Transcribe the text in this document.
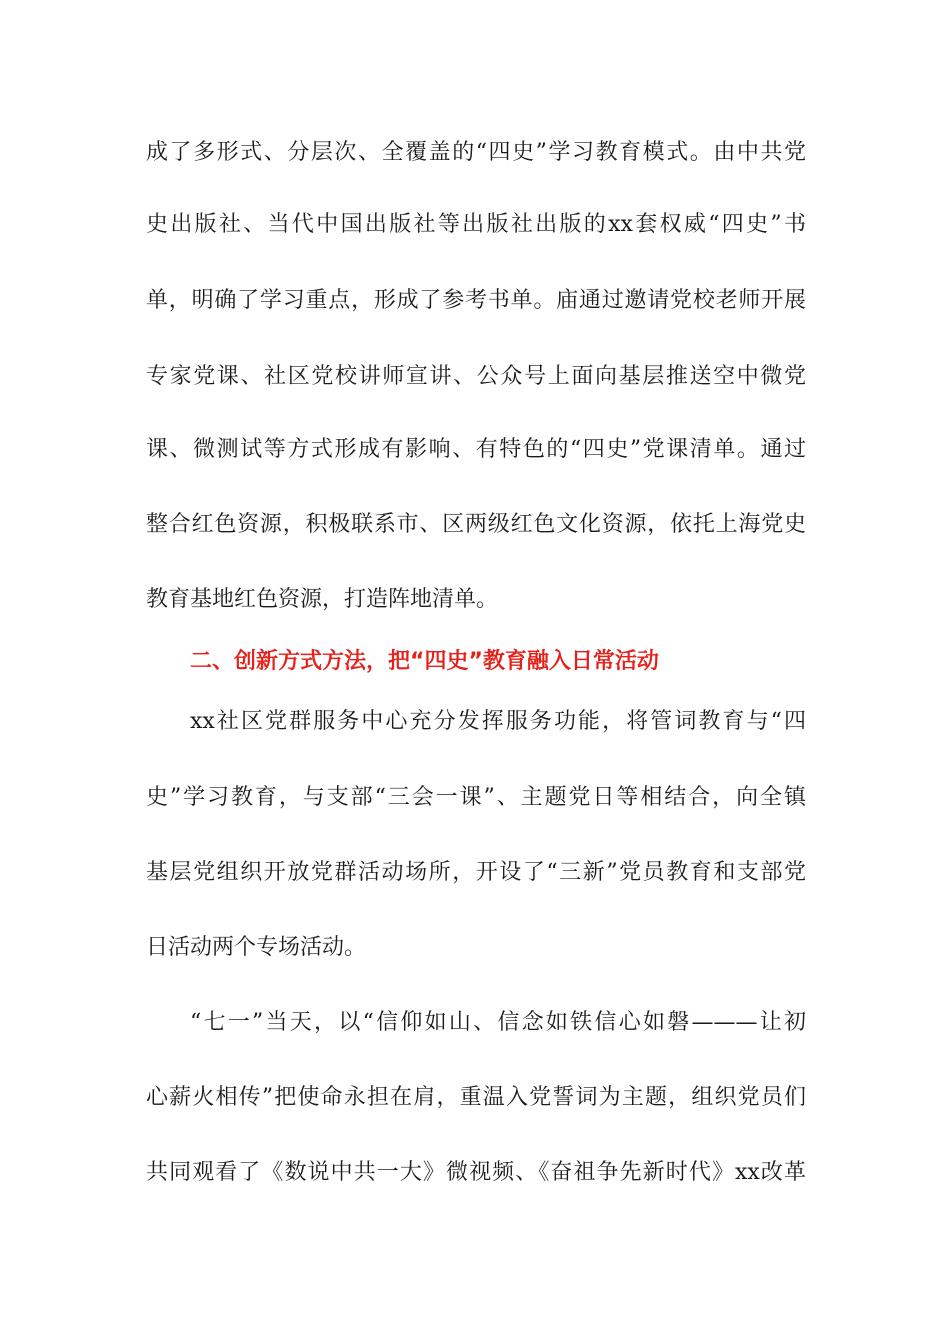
成了多形式、分层次、全覆盖的“四史”学习教育模式。由中共党
史出版社、当代中国出版社等出版社出版的xx套权威“四史”书
单，明确了学习重点，形成了参考书单。庙通过邀请党校老师开展
专家党课、社区党校讲师宣讲、公众号上面向基层推送空中微党
课、微测试等方式形成有影响、有特色的“四史”党课清单。通过
整合红色资源，积极联系市、区两级红色文化资源，依托上海党史
教育基地红色资源，打造阵地清单。
二、创新方式方法，把“四史”教育融入日常活动
xx社区党群服务中心充分发挥服务功能，将管词教育与“四
史”学习教育，与支部“三会一课”、主题党日等相结合，向全镇
基层党组织开放党群活动场所，开设了“三新”党员教育和支部党
日活动两个专场活动。
“七一”当天，以“信仰如山、信念如铁信心如磐———让初
心薪火相传”把使命永担在肩，重温入党誓词为主题，组织党员们
共同观看了《数说中共一大》微视频、《奋祖争先新时代》xx改革
